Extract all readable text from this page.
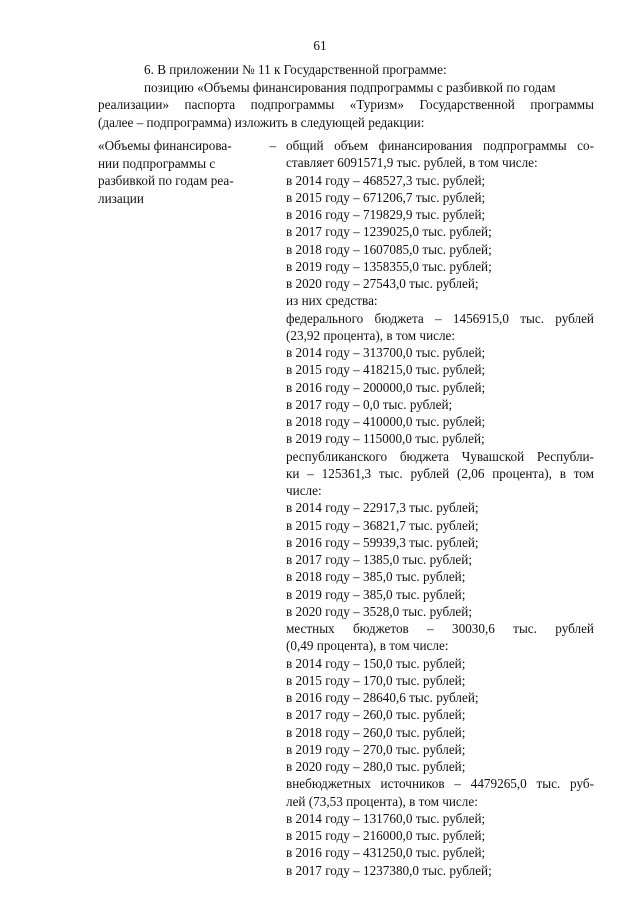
61
6. В приложении № 11 к Государственной программе:
позицию «Объемы финансирования подпрограммы с разбивкой по годам
реализации» паспорта подпрограммы «Туризм» Государственной программы
(далее – подпрограмма) изложить в следующей редакции:
«Объемы финансирова-	–
нии подпрограммы с
разбивкой по годам реа-
лизации
общий объем финансирования подпрограммы со-
ставляет 6091571,9 тыс. рублей, в том числе:
в 2014 году – 468527,3 тыс. рублей;
в 2015 году – 671206,7 тыс. рублей;
в 2016 году – 719829,9 тыс. рублей;
в 2017 году – 1239025,0 тыс. рублей;
в 2018 году – 1607085,0 тыс. рублей;
в 2019 году – 1358355,0 тыс. рублей;
в 2020 году – 27543,0 тыс. рублей;
из них средства:
федерального бюджета – 1456915,0 тыс. рублей
(23,92 процента), в том числе:
в 2014 году – 313700,0 тыс. рублей;
в 2015 году – 418215,0 тыс. рублей;
в 2016 году – 200000,0 тыс. рублей;
в 2017 году – 0,0 тыс. рублей;
в 2018 году – 410000,0 тыс. рублей;
в 2019 году – 115000,0 тыс. рублей;
республиканского бюджета Чувашской Республи-
ки – 125361,3 тыс. рублей (2,06 процента), в том
числе:
в 2014 году – 22917,3 тыс. рублей;
в 2015 году – 36821,7 тыс. рублей;
в 2016 году – 59939,3 тыс. рублей;
в 2017 году – 1385,0 тыс. рублей;
в 2018 году – 385,0 тыс. рублей;
в 2019 году – 385,0 тыс. рублей;
в 2020 году – 3528,0 тыс. рублей;
местных бюджетов – 30030,6 тыс. рублей
(0,49 процента), в том числе:
в 2014 году – 150,0 тыс. рублей;
в 2015 году – 170,0 тыс. рублей;
в 2016 году – 28640,6 тыс. рублей;
в 2017 году – 260,0 тыс. рублей;
в 2018 году – 260,0 тыс. рублей;
в 2019 году – 270,0 тыс. рублей;
в 2020 году – 280,0 тыс. рублей;
внебюджетных источников – 4479265,0 тыс. руб-
лей (73,53 процента), в том числе:
в 2014 году – 131760,0 тыс. рублей;
в 2015 году – 216000,0 тыс. рублей;
в 2016 году – 431250,0 тыс. рублей;
в 2017 году – 1237380,0 тыс. рублей;
